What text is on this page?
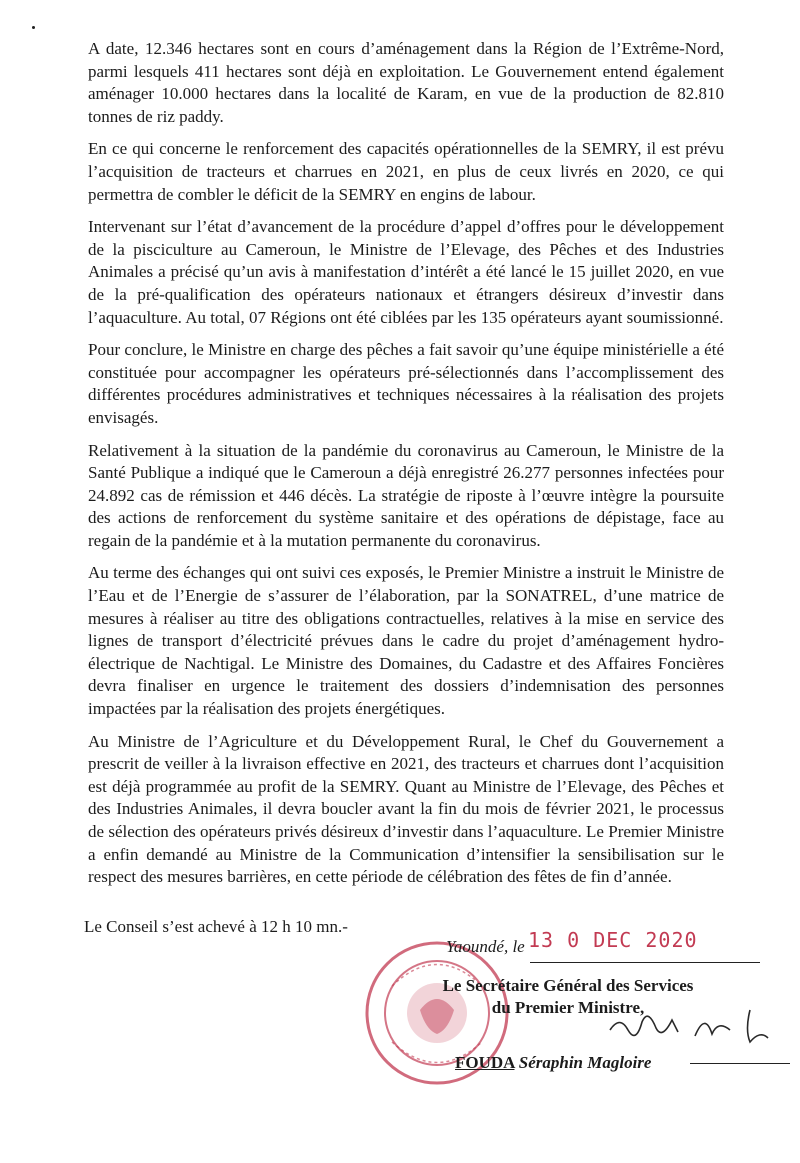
A date, 12.346 hectares sont en cours d’aménagement dans la Région de l’Extrême-Nord, parmi lesquels 411 hectares sont déjà en exploitation. Le Gouvernement entend également aménager 10.000 hectares dans la localité de Karam, en vue de la production de 82.810 tonnes de riz paddy.

En ce qui concerne le renforcement des capacités opérationnelles de la SEMRY, il est prévu l’acquisition de tracteurs et charrues en 2021, en plus de ceux livrés en 2020, ce qui permettra de combler le déficit de la SEMRY en engins de labour.

Intervenant sur l’état d’avancement de la procédure d’appel d’offres pour le développement de la pisciculture au Cameroun, le Ministre de l’Elevage, des Pêches et des Industries Animales a précisé qu’un avis à manifestation d’intérêt a été lancé le 15 juillet 2020, en vue de la pré-qualification des opérateurs nationaux et étrangers désireux d’investir dans l’aquaculture. Au total, 07 Régions ont été ciblées par les 135 opérateurs ayant soumissionné.

Pour conclure, le Ministre en charge des pêches a fait savoir qu’une équipe ministérielle a été constituée pour accompagner les opérateurs pré-sélectionnés dans l’accomplissement des différentes procédures administratives et techniques nécessaires à la réalisation des projets envisagés.

Relativement à la situation de la pandémie du coronavirus au Cameroun, le Ministre de la Santé Publique a indiqué que le Cameroun a déjà enregistré 26.277 personnes infectées pour 24.892 cas de rémission et 446 décès. La stratégie de riposte à l’œuvre intègre la poursuite des actions de renforcement du système sanitaire et des opérations de dépistage, face au regain de la pandémie et à la mutation permanente du coronavirus.

Au terme des échanges qui ont suivi ces exposés, le Premier Ministre a instruit le Ministre de l’Eau et de l’Energie de s’assurer de l’élaboration, par la SONATREL, d’une matrice de mesures à réaliser au titre des obligations contractuelles, relatives à la mise en service des lignes de transport d’électricité prévues dans le cadre du projet d’aménagement hydro-électrique de Nachtigal. Le Ministre des Domaines, du Cadastre et des Affaires Foncières devra finaliser en urgence le traitement des dossiers d’indemnisation des personnes impactées par la réalisation des projets énergétiques.

Au Ministre de l’Agriculture et du Développement Rural, le Chef du Gouvernement a prescrit de veiller à la livraison effective en 2021, des tracteurs et charrues dont l’acquisition est déjà programmée au profit de la SEMRY. Quant au Ministre de l’Elevage, des Pêches et des Industries Animales, il devra boucler avant la fin du mois de février 2021, le processus de sélection des opérateurs privés désireux d’investir dans l’aquaculture. Le Premier Ministre a enfin demandé au Ministre de la Communication d’intensifier la sensibilisation sur le respect des mesures barrières, en cette période de célébration des fêtes de fin d’année.

Le Conseil s’est achevé à 12 h 10 mn.-
Yaoundé, le 13 0 DEC 2020
Le Secrétaire Général des Services
du Premier Ministre,
FOUDA Séraphin Magloire
